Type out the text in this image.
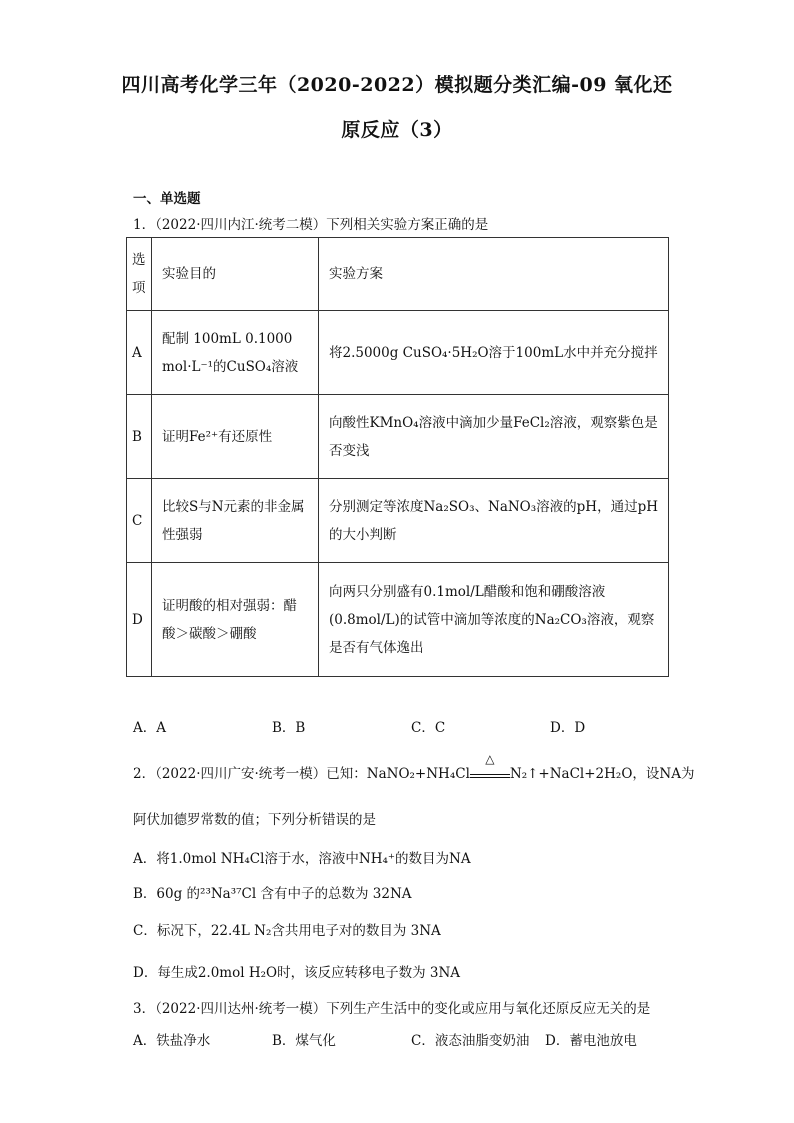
四川高考化学三年（2020-2022）模拟题分类汇编-09 氧化还
原反应（3）
一、单选题
1．（2022·四川内江·统考二模）下列相关实验方案正确的是
选项	实验目的	实验方案
A	配制 100mL 0.1000 mol·L⁻¹的CuSO₄溶液	将2.5000g CuSO₄·5H₂O溶于100mL水中并充分搅拌
B	证明Fe²⁺有还原性	向酸性KMnO₄溶液中滴加少量FeCl₂溶液，观察紫色是否变浅
C	比较S与N元素的非金属性强弱	分别测定等浓度Na₂SO₃、NaNO₃溶液的pH，通过pH的大小判断
D	证明酸的相对强弱：醋酸＞碳酸＞硼酸	向两只分别盛有0.1mol/L醋酸和饱和硼酸溶液(0.8mol/L)的试管中滴加等浓度的Na₂CO₃溶液，观察是否有气体逸出
A．A	B．B	C．C	D．D
2．（2022·四川广安·统考一模）已知：NaNO₂+NH₄Cl
△
N₂↑+NaCl+2H₂O，设NA为
阿伏加德罗常数的值；下列分析错误的是
A．将1.0mol NH₄Cl溶于水，溶液中NH₄⁺的数目为NA
B．60g 的²³Na³⁷Cl 含有中子的总数为 32NA
C．标况下，22.4L N₂含共用电子对的数目为 3NA
D．每生成2.0mol H₂O时，该反应转移电子数为 3NA
3．（2022·四川达州·统考一模）下列生产生活中的变化或应用与氧化还原反应无关的是
A．铁盐净水	B．煤气化	C．液态油脂变奶油 D．蓄电池放电
